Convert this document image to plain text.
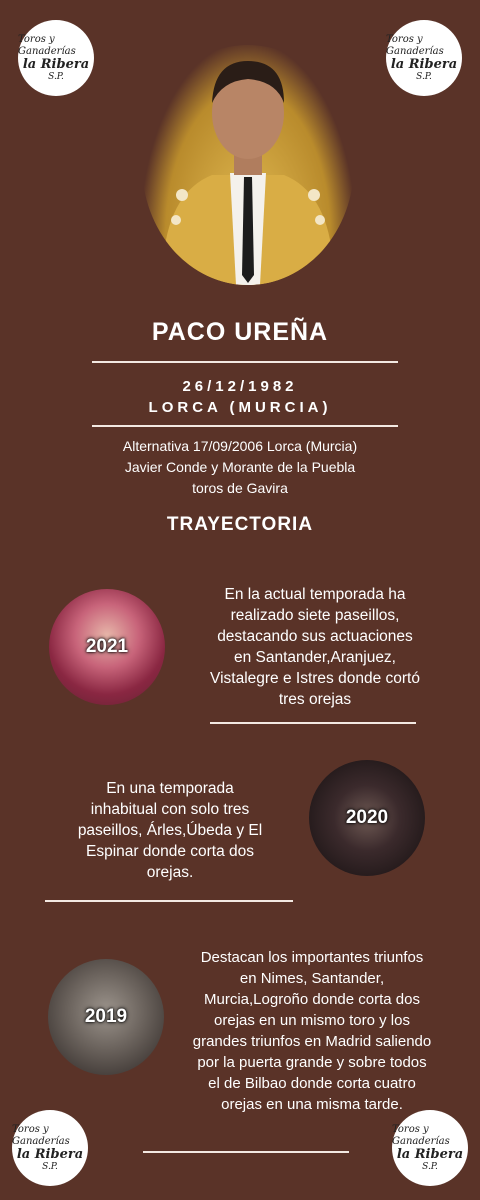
Toros y Ganaderías
la Ribera
S.P.
Toros y Ganaderías
la Ribera
S.P.
Toros y Ganaderías
la Ribera
S.P.
Toros y Ganaderías
la Ribera
S.P.
PACO UREÑA
26/12/1982
LORCA (MURCIA)
Alternativa 17/09/2006 Lorca (Murcia)
Javier Conde y Morante de la Puebla
toros de Gavira
TRAYECTORIA
2021
En la actual temporada ha
realizado siete paseillos,
destacando sus actuaciones
en Santander,Aranjuez,
Vistalegre e Istres donde cortó
tres orejas
En una temporada
inhabitual con solo tres
paseillos, Árles,Úbeda y El
Espinar donde corta dos
orejas.
2020
2019
Destacan los importantes triunfos
en Nimes, Santander,
Murcia,Logroño donde corta dos
orejas en un mismo toro y los
grandes triunfos en Madrid saliendo
por la puerta grande y sobre todos
el de Bilbao donde corta cuatro
orejas en una misma tarde.
